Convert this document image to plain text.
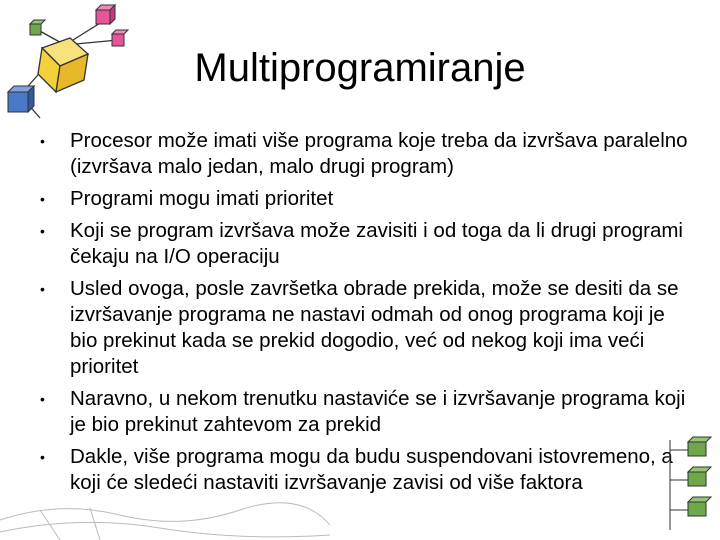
Multiprogramiranje
• Procesor može imati više programa koje treba da izvršava paralelno (izvršava malo jedan, malo drugi program)
• Programi mogu imati prioritet
• Koji se program izvršava može zavisiti i od toga da li drugi programi čekaju na I/O operaciju
• Usled ovoga, posle završetka obrade prekida, može se desiti da se izvršavanje programa ne nastavi odmah od onog programa koji je bio prekinut kada se prekid dogodio, već od nekog koji ima veći prioritet
• Naravno, u nekom trenutku nastaviće se i izvršavanje programa koji je bio prekinut zahtevom za prekid
• Dakle, više programa mogu da budu suspendovani istovremeno, a koji će sledeći nastaviti izvršavanje zavisi od više faktora
